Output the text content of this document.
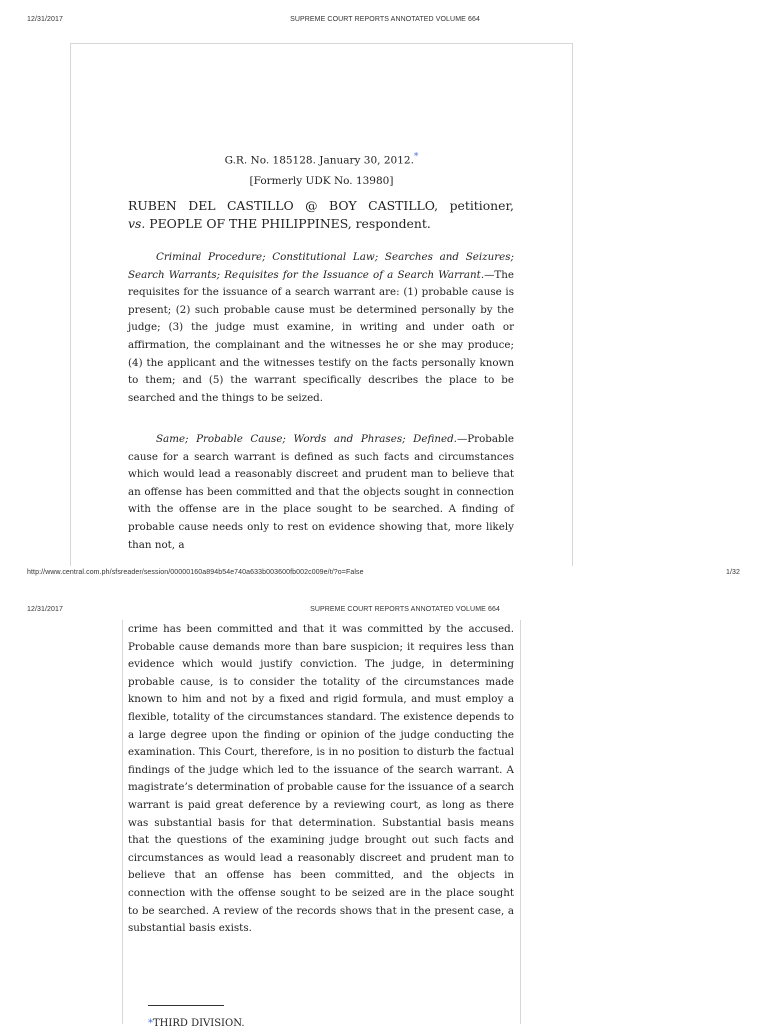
12/31/2017	SUPREME COURT REPORTS ANNOTATED VOLUME 664
G.R. No. 185128. January 30, 2012.*
[Formerly UDK No. 13980]
RUBEN DEL CASTILLO @ BOY CASTILLO, petitioner,
vs. PEOPLE OF THE PHILIPPINES, respondent.
Criminal Procedure; Constitutional Law; Searches and Seizures; Search Warrants; Requisites for the Issuance of a Search Warrant.—The requisites for the issuance of a search warrant are: (1) probable cause is present; (2) such probable cause must be determined personally by the judge; (3) the judge must examine, in writing and under oath or affirmation, the complainant and the witnesses he or she may produce; (4) the applicant and the witnesses testify on the facts personally known to them; and (5) the warrant specifically describes the place to be searched and the things to be seized.
Same; Probable Cause; Words and Phrases; Defined.—Probable cause for a search warrant is defined as such facts and circumstances which would lead a reasonably discreet and prudent man to believe that an offense has been committed and that the objects sought in connection with the offense are in the place sought to be searched. A finding of probable cause needs only to rest on evidence showing that, more likely than not, a
http://www.central.com.ph/sfsreader/session/00000160a894b54e740a633b003600fb002c009e/t/?o=False	1/32
12/31/2017	SUPREME COURT REPORTS ANNOTATED VOLUME 664
crime has been committed and that it was committed by the accused. Probable cause demands more than bare suspicion; it requires less than evidence which would justify conviction. The judge, in determining probable cause, is to consider the totality of the circumstances made known to him and not by a fixed and rigid formula, and must employ a flexible, totality of the circumstances standard. The existence depends to a large degree upon the finding or opinion of the judge conducting the examination. This Court, therefore, is in no position to disturb the factual findings of the judge which led to the issuance of the search warrant. A magistrate’s determination of probable cause for the issuance of a search warrant is paid great deference by a reviewing court, as long as there was substantial basis for that determination. Substantial basis means that the questions of the examining judge brought out such facts and circumstances as would lead a reasonably discreet and prudent man to believe that an offense has been committed, and the objects in connection with the offense sought to be seized are in the place sought to be searched. A review of the records shows that in the present case, a substantial basis exists.
*THIRD DIVISION.
